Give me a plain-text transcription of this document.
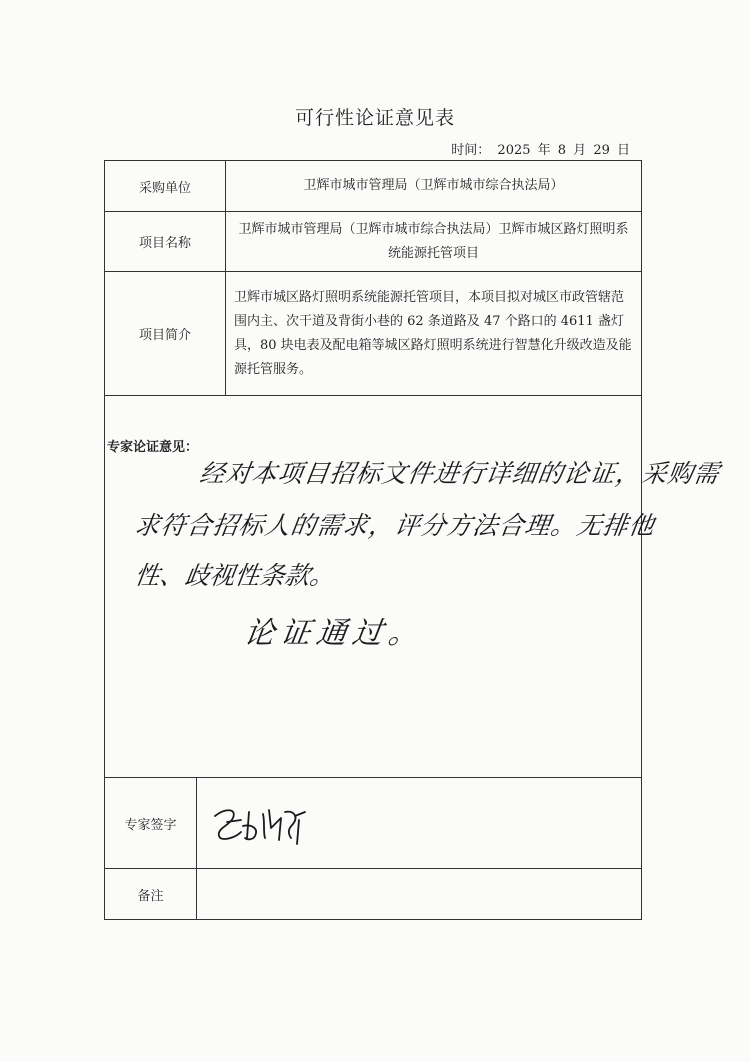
可行性论证意见表
时间： 2025 年 8 月 29 日
采购单位	卫辉市城市管理局（卫辉市城市综合执法局）
项目名称
卫辉市城市管理局（卫辉市城市综合执法局）卫辉市城区路灯照明系统能源托管项目
项目简介
卫辉市城区路灯照明系统能源托管项目，本项目拟对城区市政管辖范围内主、次干道及背街小巷的 62 条道路及 47 个路口的 4611 盏灯具，80 块电表及配电箱等城区路灯照明系统进行智慧化升级改造及能源托管服务。
专家论证意见：
经对本项目招标文件进行详细的论证，采购需
求符合招标人的需求，评分方法合理。无排他
性、歧视性条款。
论证通过。
专家签字
备注
